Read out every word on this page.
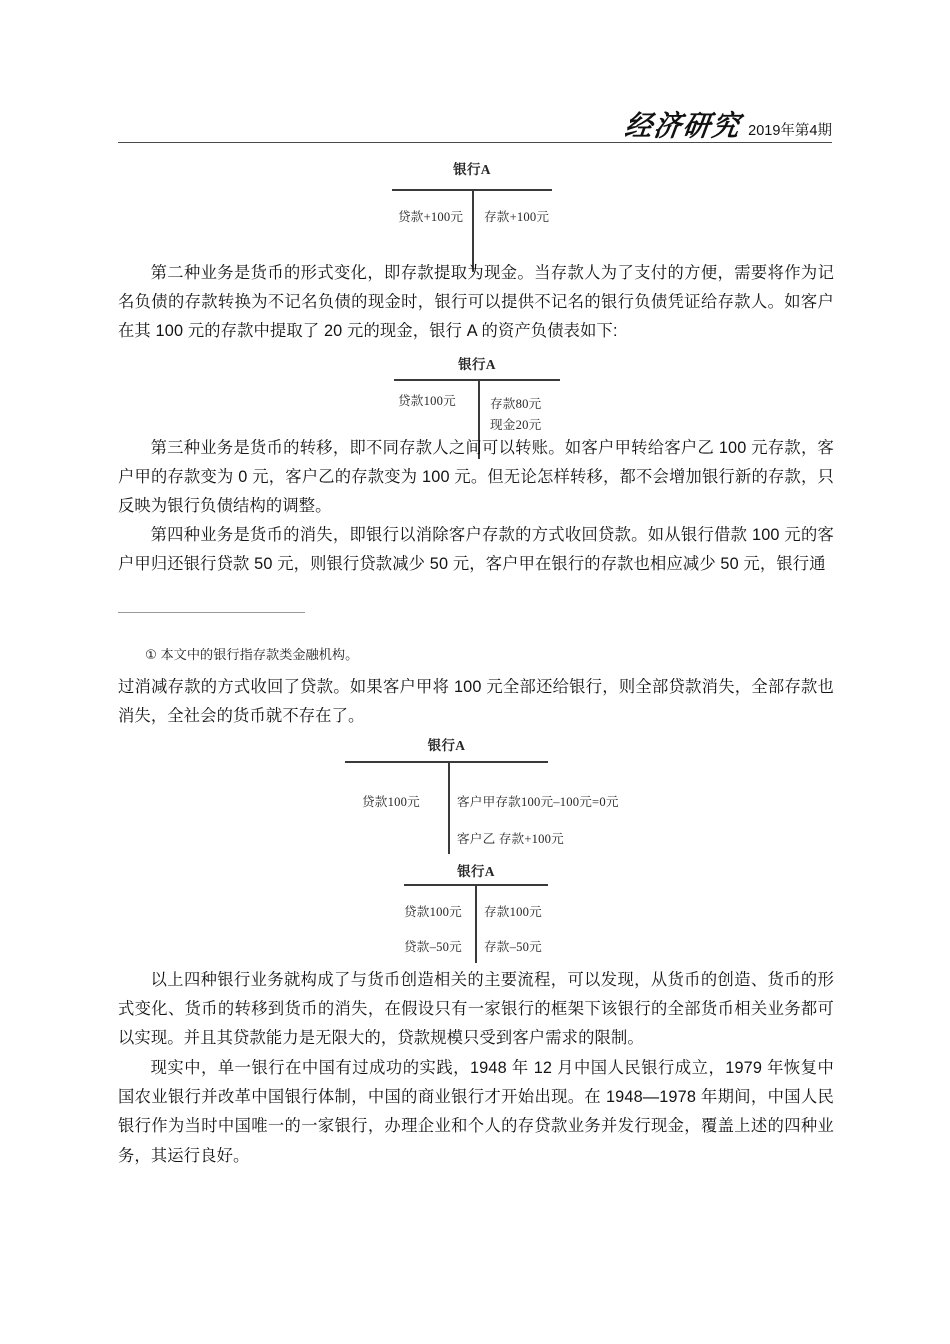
经济研究 2019年第4期
银行A
贷款+100元 存款+100元
第二种业务是货币的形式变化，即存款提取为现金。当存款人为了支付的方便，需要将作为记名负债的存款转换为不记名负债的现金时，银行可以提供不记名的银行负债凭证给存款人。如客户在其 100 元的存款中提取了 20 元的现金，银行 A 的资产负债表如下:
银行A
贷款100元	存款80元
现金20元
第三种业务是货币的转移，即不同存款人之间可以转账。如客户甲转给客户乙 100 元存款，客户甲的存款变为 0 元，客户乙的存款变为 100 元。但无论怎样转移，都不会增加银行新的存款，只反映为银行负债结构的调整。
第四种业务是货币的消失，即银行以消除客户存款的方式收回贷款。如从银行借款 100 元的客户甲归还银行贷款 50 元，则银行贷款减少 50 元，客户甲在银行的存款也相应减少 50 元，银行通
① 本文中的银行指存款类金融机构。
过消减存款的方式收回了贷款。如果客户甲将 100 元全部还给银行，则全部贷款消失，全部存款也消失，全社会的货币就不存在了。
银行A
贷款100元	客户甲存款100元–100元=0元
客户乙 存款+100元
银行A
贷款100元
贷款–50元
存款100元
存款–50元
以上四种银行业务就构成了与货币创造相关的主要流程，可以发现，从货币的创造、货币的形式变化、货币的转移到货币的消失，在假设只有一家银行的框架下该银行的全部货币相关业务都可以实现。并且其贷款能力是无限大的，贷款规模只受到客户需求的限制。
现实中，单一银行在中国有过成功的实践，1948 年 12 月中国人民银行成立，1979 年恢复中国农业银行并改革中国银行体制，中国的商业银行才开始出现。在 1948—1978 年期间，中国人民银行作为当时中国唯一的一家银行，办理企业和个人的存贷款业务并发行现金，覆盖上述的四种业务，其运行良好。
